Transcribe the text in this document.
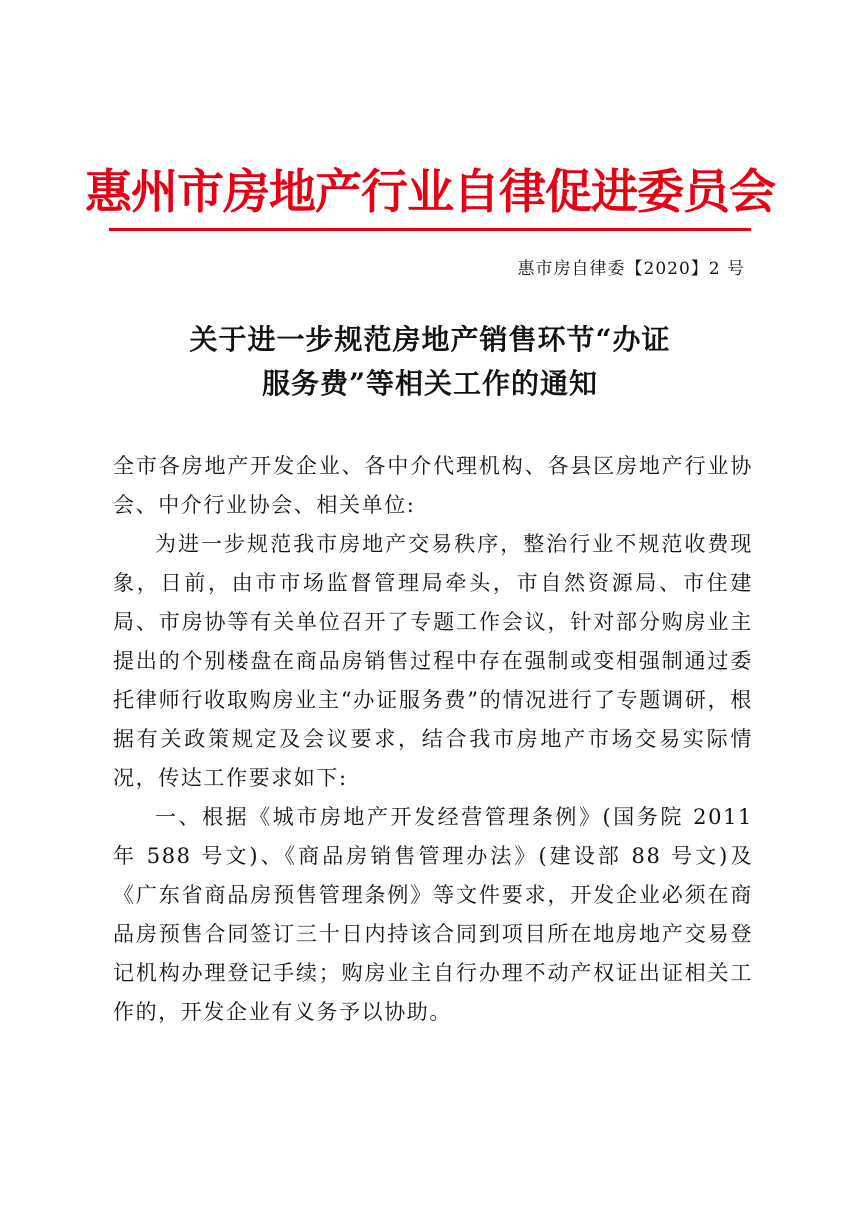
惠州市房地产行业自律促进委员会
惠市房自律委【2020】2 号
关于进一步规范房地产销售环节“办证
服务费”等相关工作的通知

全市各房地产开发企业、各中介代理机构、各县区房地产行业协会、中介行业协会、相关单位:

为进一步规范我市房地产交易秩序，整治行业不规范收费现象，日前，由市市场监督管理局牵头，市自然资源局、市住建局、市房协等有关单位召开了专题工作会议，针对部分购房业主提出的个别楼盘在商品房销售过程中存在强制或变相强制通过委托律师行收取购房业主“办证服务费”的情况进行了专题调研，根据有关政策规定及会议要求，结合我市房地产市场交易实际情况，传达工作要求如下:

一、根据《城市房地产开发经营管理条例》(国务院 2011 年 588 号文)、《商品房销售管理办法》(建设部 88 号文)及《广东省商品房预售管理条例》等文件要求，开发企业必须在商品房预售合同签订三十日内持该合同到项目所在地房地产交易登记机构办理登记手续；购房业主自行办理不动产权证出证相关工作的，开发企业有义务予以协助。
